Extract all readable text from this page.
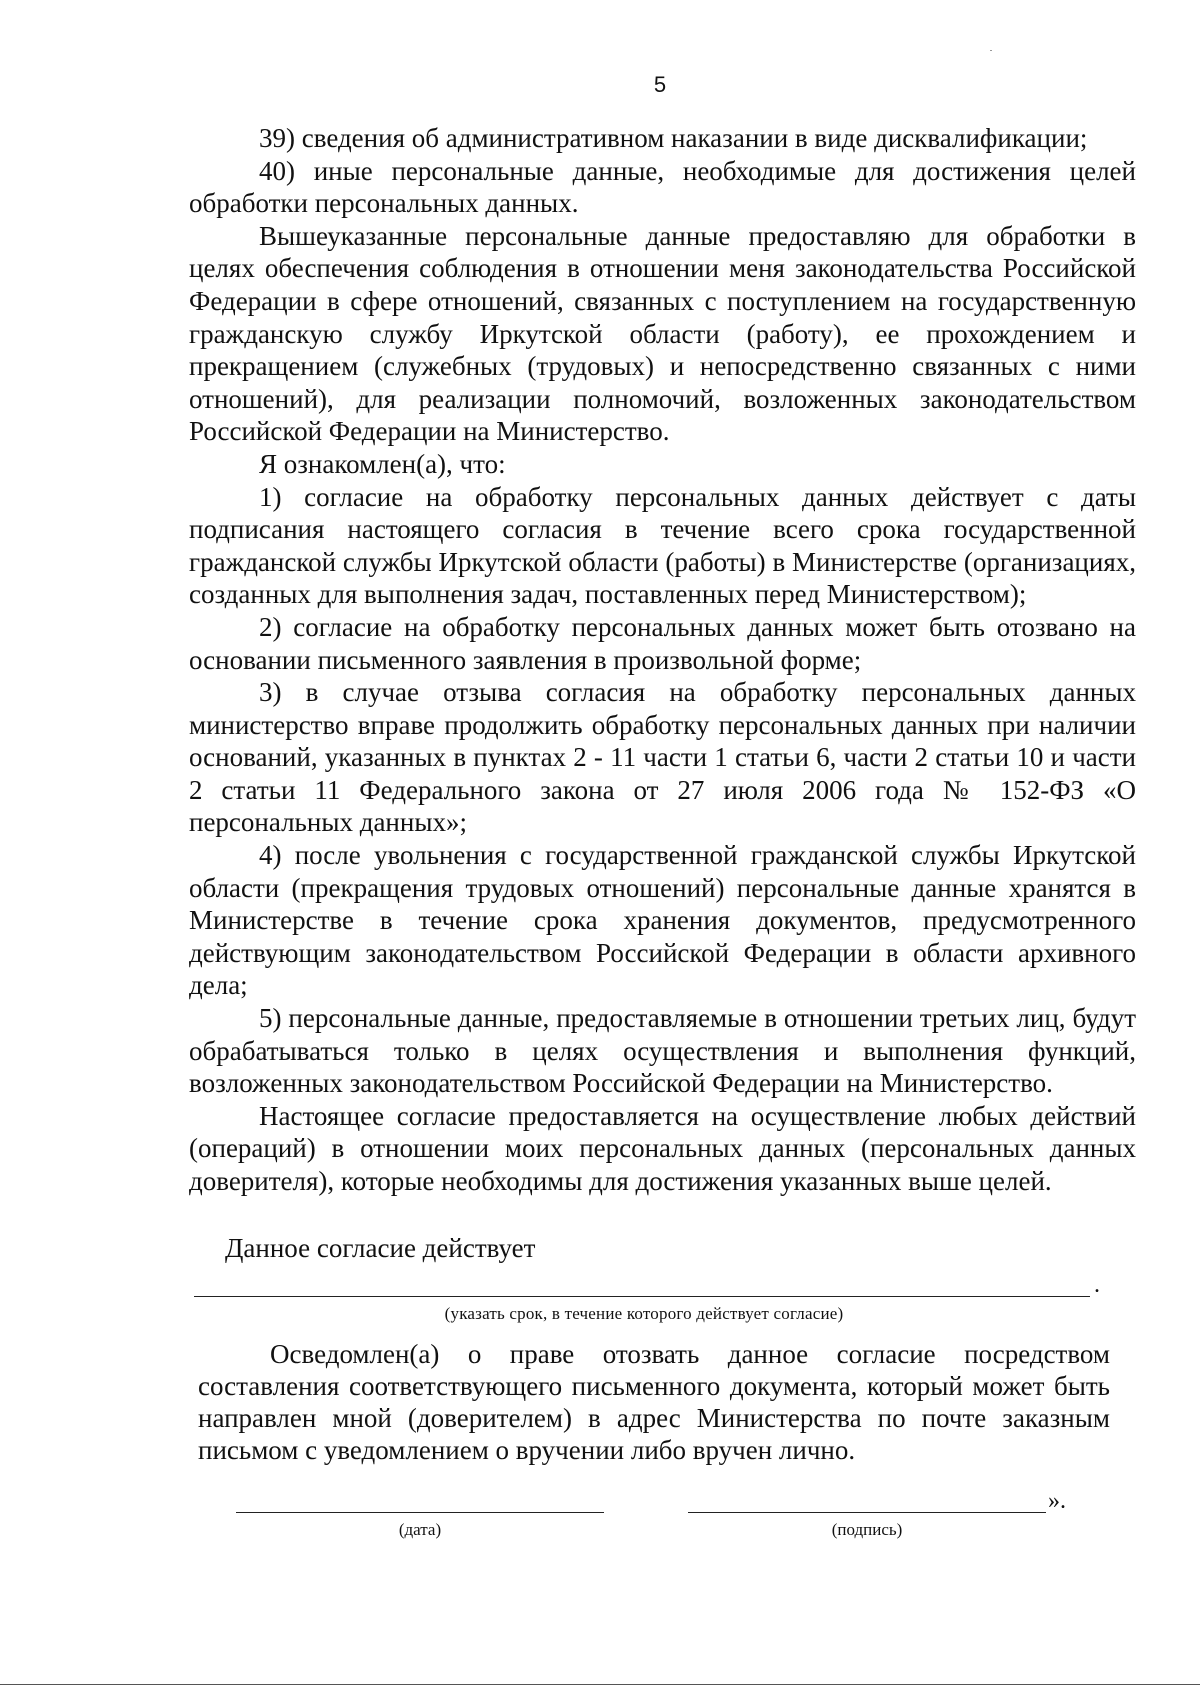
5

39) сведения об административном наказании в виде дисквалификации;

40) иные персональные данные, необходимые для достижения целей обработки персональных данных.

Вышеуказанные персональные данные предоставляю для обработки в целях обеспечения соблюдения в отношении меня законодательства Российской Федерации в сфере отношений, связанных с поступлением на государственную гражданскую службу Иркутской области (работу), ее прохождением и прекращением (служебных (трудовых) и непосредственно связанных с ними отношений), для реализации полномочий, возложенных законодательством Российской Федерации на Министерство.

Я ознакомлен(а), что:

1) согласие на обработку персональных данных действует с даты подписания настоящего согласия в течение всего срока государственной гражданской службы Иркутской области (работы) в Министерстве (организациях, созданных для выполнения задач, поставленных перед Министерством);

2) согласие на обработку персональных данных может быть отозвано на основании письменного заявления в произвольной форме;

3) в случае отзыва согласия на обработку персональных данных министерство вправе продолжить обработку персональных данных при наличии оснований, указанных в пунктах 2 - 11 части 1 статьи 6, части 2 статьи 10 и части 2 статьи 11 Федерального закона от 27 июля 2006 года № 152-ФЗ «О персональных данных»;

4) после увольнения с государственной гражданской службы Иркутской области (прекращения трудовых отношений) персональные данные хранятся в Министерстве в течение срока хранения документов, предусмотренного действующим законодательством Российской Федерации в области архивного дела;

5) персональные данные, предоставляемые в отношении третьих лиц, будут обрабатываться только в целях осуществления и выполнения функций, возложенных законодательством Российской Федерации на Министерство.

Настоящее согласие предоставляется на осуществление любых действий (операций) в отношении моих персональных данных (персональных данных доверителя), которые необходимы для достижения указанных выше целей.

Данное согласие действует
.
(указать срок, в течение которого действует согласие)

Осведомлен(а) о праве отозвать данное согласие посредством составления соответствующего письменного документа, который может быть направлен мной (доверителем) в адрес Министерства по почте заказным письмом с уведомлением о вручении либо вручен лично.

(дата)
».
(подпись)
